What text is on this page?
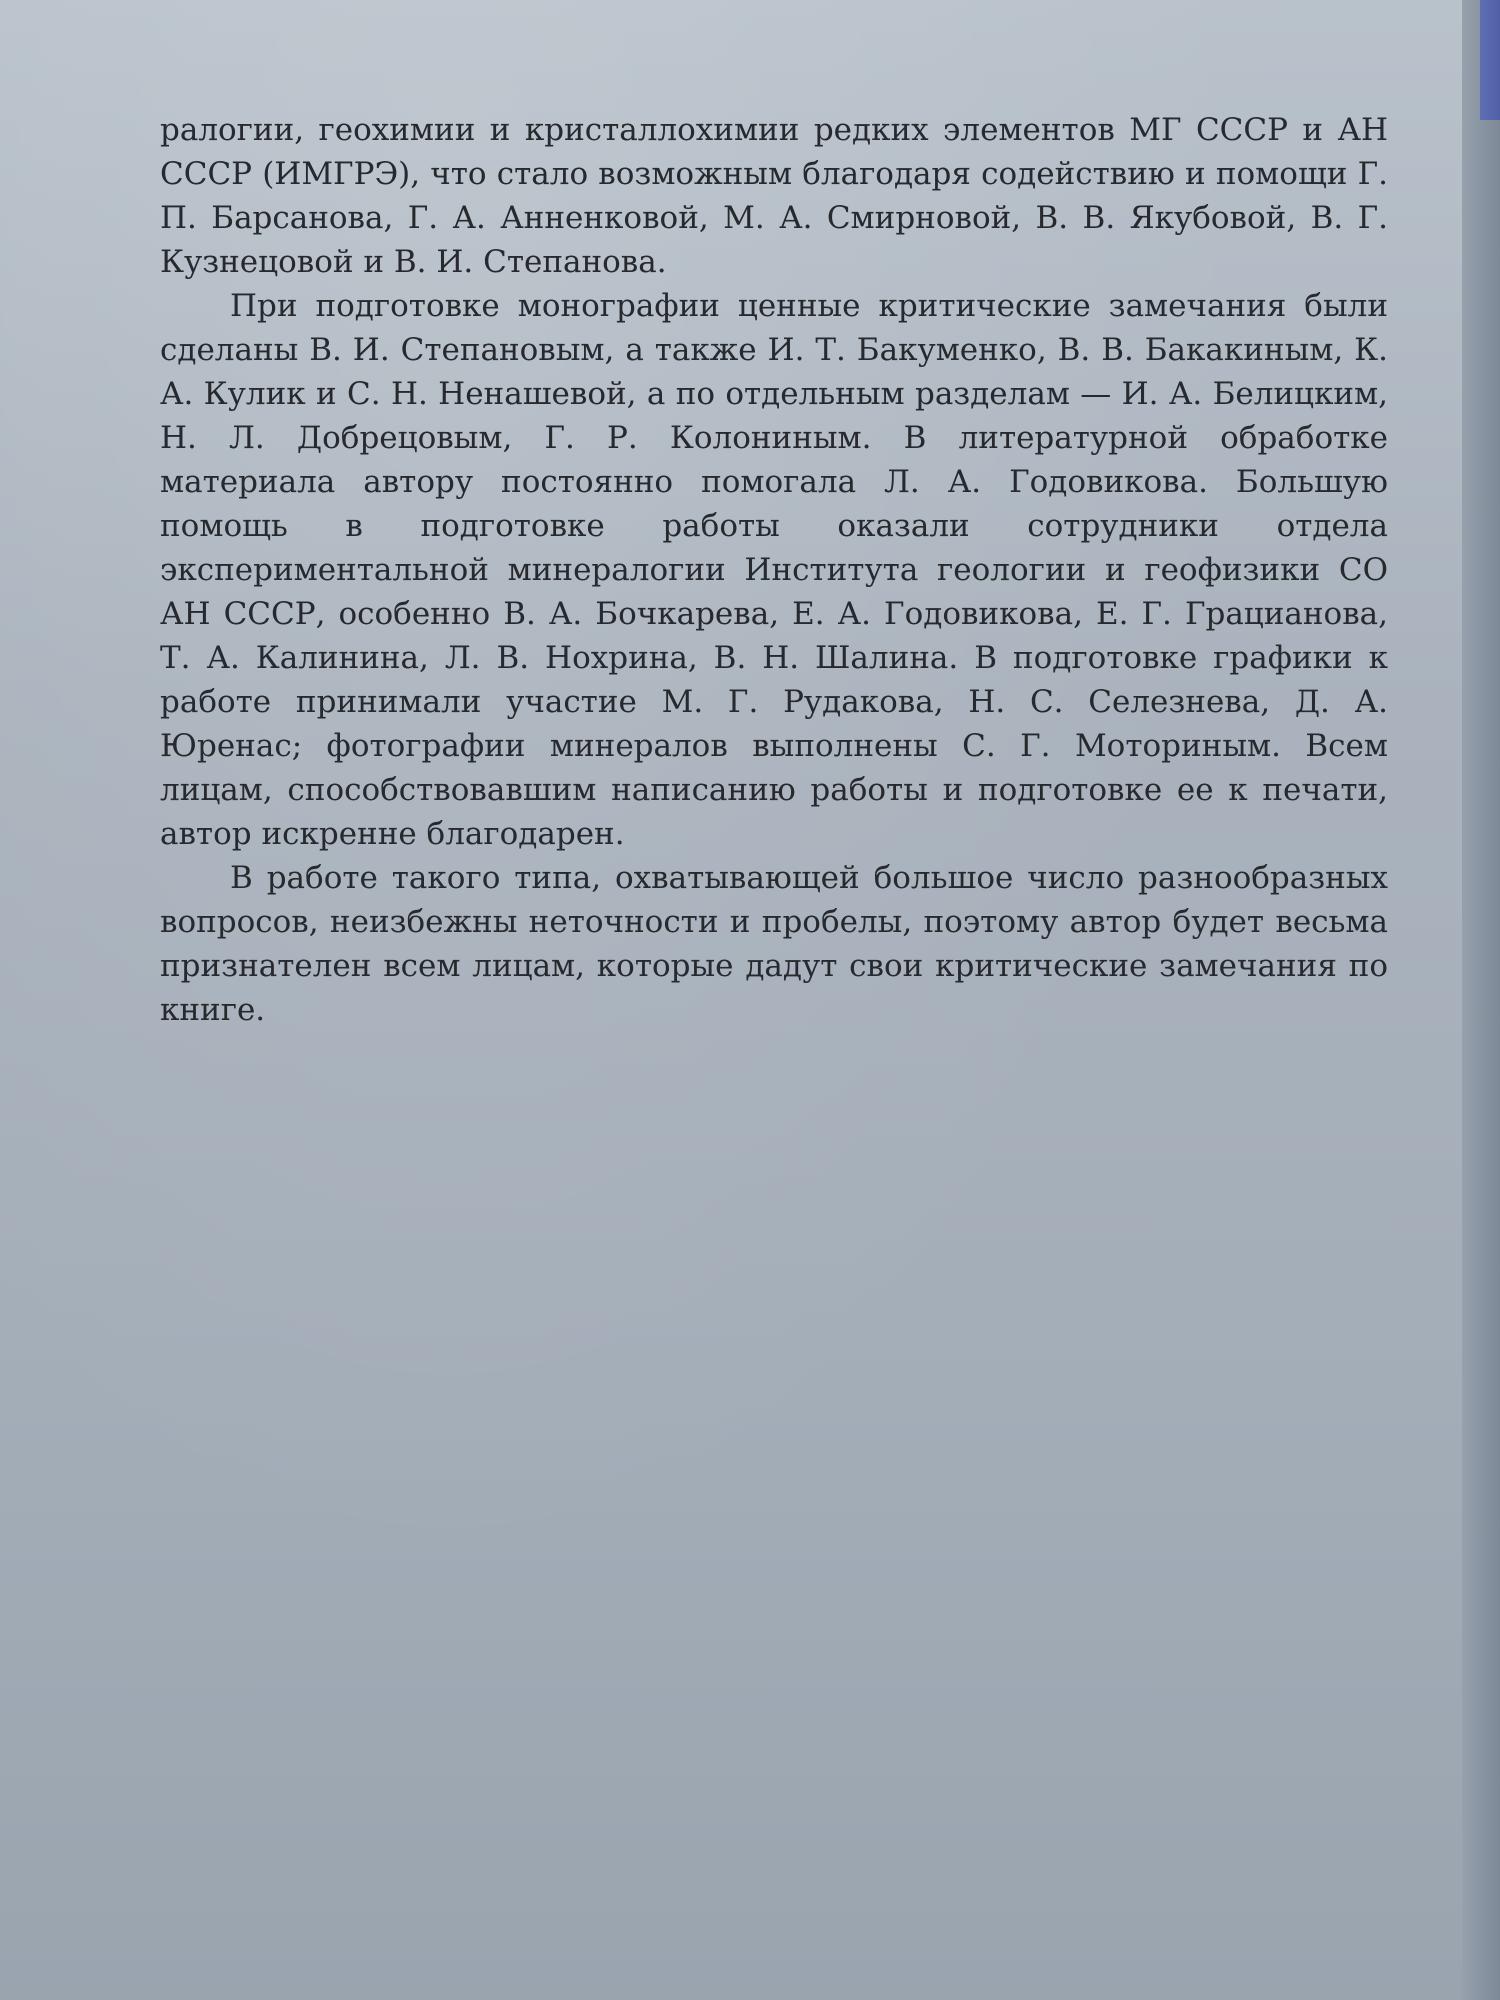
ралогии, геохимии и кристаллохимии редких элементов МГ СССР и АН СССР (ИМГРЭ), что стало возможным благодаря содействию и помощи Г. П. Барсанова, Г. А. Анненковой, М. А. Смирновой, В. В. Якубовой, В. Г. Кузнецовой и В. И. Степанова.

При подготовке монографии ценные критические замечания были сделаны В. И. Степановым, а также И. Т. Бакуменко, В. В. Бакакиным, К. А. Кулик и С. Н. Ненашевой, а по отдельным разделам — И. А. Белицким, Н. Л. Добрецовым, Г. Р. Колониным. В литературной обработке материала автору постоянно помогала Л. А. Годовикова. Большую помощь в подготовке работы оказали сотрудники отдела экспериментальной минералогии Института геологии и геофизики СО АН СССР, особенно В. А. Бочкарева, Е. А. Годовикова, Е. Г. Грацианова, Т. А. Калинина, Л. В. Нохрина, В. Н. Шалина. В подготовке графики к работе принимали участие М. Г. Рудакова, Н. С. Селезнева, Д. А. Юренас; фотографии минералов выполнены С. Г. Моториным. Всем лицам, способствовавшим написанию работы и подготовке ее к печати, автор искренне благодарен.

В работе такого типа, охватывающей большое число разнообразных вопросов, неизбежны неточности и пробелы, поэтому автор будет весьма признателен всем лицам, которые дадут свои критические замечания по книге.
